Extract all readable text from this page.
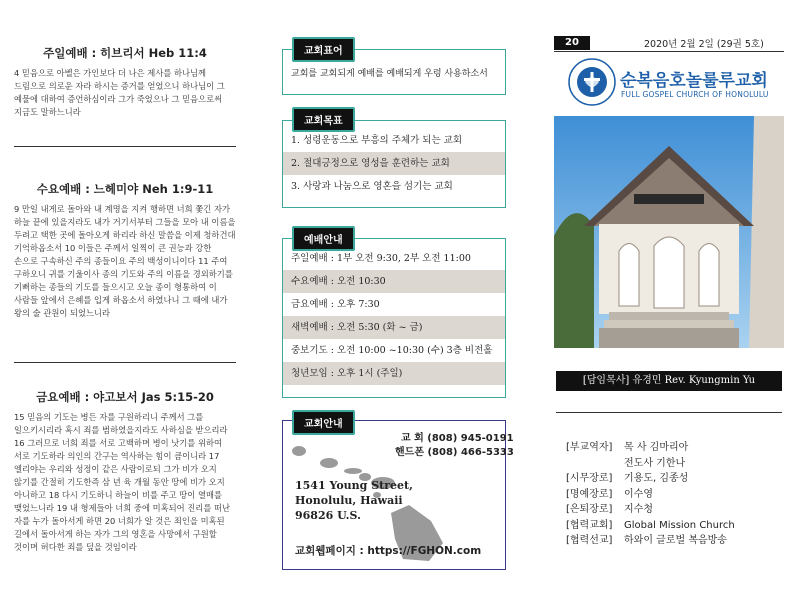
주일예배 : 히브리서 Heb 11:4

4 믿음으로 아벨은 가인보다 더 나은 제사를 하나님께 드림으로 의로운 자라 하시는 증거를 얻었으니 하나님이 그 예물에 대하여 증언하심이라 그가 죽었으나 그 믿음으로써 지금도 말하느니라

수요예배 : 느헤미야 Neh 1:9-11

9 만일 내게로 돌아와 내 계명을 지켜 행하면 너희 쫓긴 자가 하늘 끝에 있을지라도 내가 거기서부터 그들을 모아 내 이름을 두려고 택한 곳에 돌아오게 하리라 하신 말씀을 이제 청하건대 기억하옵소서 10 이들은 주께서 일찍이 큰 권능과 강한 손으로 구속하신 주의 종들이요 주의 백성이니이다 11 주여 구하오니 귀를 기울이사 종의 기도와 주의 이름을 경외하기를 기뻐하는 종들의 기도를 들으시고 오늘 종이 형통하여 이 사람들 앞에서 은혜를 입게 하옵소서 하였나니 그 때에 내가 왕의 술 관원이 되었느니라

금요예배 : 야고보서 Jas 5:15-20

15 믿음의 기도는 병든 자를 구원하리니 주께서 그를 일으키시리라 혹시 죄를 범하였을지라도 사하심을 받으리라 16 그러므로 너희 죄를 서로 고백하며 병이 낫기를 위하여 서로 기도하라 의인의 간구는 역사하는 힘이 큼이니라 17 엘리야는 우리와 성정이 같은 사람이로되 그가 비가 오지 않기를 간절히 기도한즉 삼 년 육 개월 동안 땅에 비가 오지 아니하고 18 다시 기도하니 하늘이 비를 주고 땅이 열매를 맺었느니라 19 내 형제들아 너희 중에 미혹되어 진리를 떠난 자를 누가 돌아서게 하면 20 너희가 알 것은 죄인을 미혹된 길에서 돌아서게 하는 자가 그의 영혼을 사망에서 구원할 것이며 허다한 죄를 덮을 것임이라

교회표어
교회를 교회되게 예배를 예배되게 우렁 사용하소서
교회목표
1. 성령운동으로 부흥의 주체가 되는 교회
2. 절대긍정으로 영성을 훈련하는 교회
3. 사랑과 나눔으로 영혼을 섬기는 교회
예배안내
주일예배 : 1부 오전 9:30, 2부 오전 11:00
수요예배 : 오전 10:30
금요예배 : 오후 7:30
새벽예배 : 오전 5:30 (화 ~ 금)
중보기도 : 오전 10:00 ~10:30 (수) 3층 비전홀
청년모임 : 오후 1시 (주일)
교회안내
교 회 (808) 945-0191
핸드폰 (808) 466-5333
1541 Young Street,
Honolulu, Hawaii
96826 U.S.
교회웹페이지 : https://FGHON.com
20	2020년 2월 2일 (29권 5호)
순복음호놀룰루교회
FULL GOSPEL CHURCH OF HONOLULU
[담임목사] 유경민 Rev. Kyungmin Yu
[부교역자] 목 사 김마리아
전도사 기한나
[시무장로] 기용도, 김종성
[명예장로] 이수영
[은퇴장로] 지수청
[협력교회] Global Mission Church
[협력선교] 하와이 글로벌 복음방송
